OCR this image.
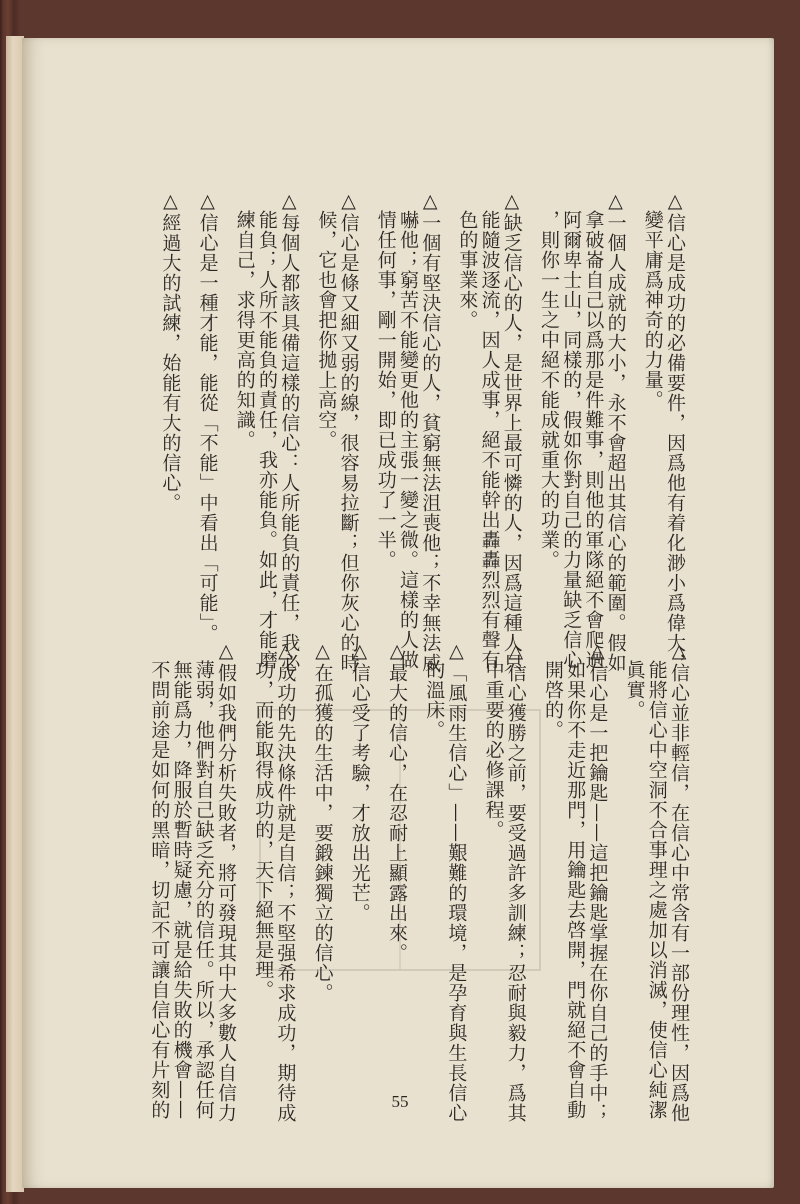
△信心是成功的必備要件，因爲他有着化渺小爲偉大，
變平庸爲神奇的力量。
△一個人成就的大小，永不會超出其信心的範圍。假如
拿破崙自己以爲那是件難事，則他的軍隊絕不會爬過
阿爾卑士山，同樣的，假如你對自己的力量缺乏信心
，則你一生之中絕不能成就重大的功業。
△缺乏信心的人，是世界上最可憐的人，因爲這種人只
能隨波逐流，因人成事，絕不能幹出轟轟烈烈有聲有
色的事業來。
△一個有堅決信心的人，貧窮無法沮喪他；不幸無法威
嚇他；窮苦不能變更他的主張一變之微。這樣的人做
情任何事，剛一開始，即已成功了一半。
△信心是條又細又弱的線，很容易拉斷；但你灰心的時
候，它也會把你拋上高空。
△每個人都該具備這樣的信心：人所能負的責任，我必
能負；人所不能負的責任，我亦能負。如此，才能磨
練自己，求得更高的知識。
△信心是一種才能，能從「不能」中看出「可能」。
△經過大的試練，始能有大的信心。
△信心並非輕信，在信心中常含有一部份理性，因爲他
能將信心中空洞不合事理之處加以消滅，使信心純潔
眞實。
△信心是一把鑰匙——這把鑰匙掌握在你自己的手中；
如果你不走近那門，用鑰匙去啓開，門就絕不會自動
開啓的。
△信心獲勝之前，要受過許多訓練；忍耐與毅力，爲其
中重要的必修課程。
△「風雨生信心」——艱難的環境，是孕育與生長信心
的溫床。
△最大的信心，在忍耐上顯露出來。
△信心受了考驗，才放出光芒。
△在孤獲的生活中，要鍛鍊獨立的信心。
△成功的先決條件就是自信；不堅强希求成功，期待成
功，而能取得成功的，天下絕無是理。
△假如我們分析失敗者，將可發現其中大多數人自信力
薄弱，他們對自己缺乏充分的信任。所以，承認任何
無能爲力，降服於暫時疑慮，就是給失敗的機會——
不問前途是如何的黑暗，切記不可讓自信心有片刻的	55
